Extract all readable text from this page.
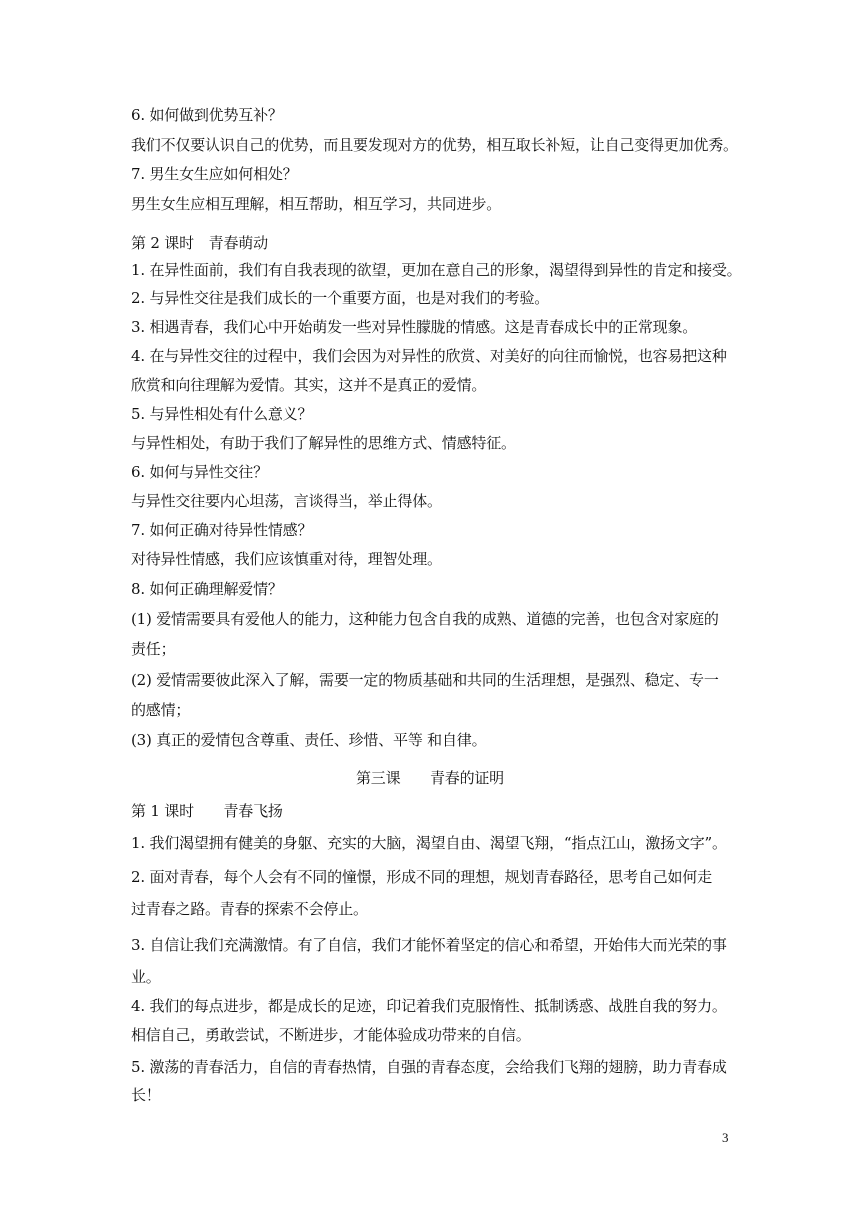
6. 如何做到优势互补？
我们不仅要认识自己的优势，而且要发现对方的优势，相互取长补短，让自己变得更加优秀。
7. 男生女生应如何相处？
男生女生应相互理解，相互帮助，相互学习，共同进步。
第 2 课时　青春萌动
1. 在异性面前，我们有自我表现的欲望，更加在意自己的形象，渴望得到异性的肯定和接受。
2. 与异性交往是我们成长的一个重要方面，也是对我们的考验。
3. 相遇青春，我们心中开始萌发一些对异性朦胧的情感。这是青春成长中的正常现象。
4. 在与异性交往的过程中，我们会因为对异性的欣赏、对美好的向往而愉悦，也容易把这种
欣赏和向往理解为爱情。其实，这并不是真正的爱情。
5. 与异性相处有什么意义？
与异性相处，有助于我们了解异性的思维方式、情感特征。
6. 如何与异性交往？
与异性交往要内心坦荡，言谈得当，举止得体。
7. 如何正确对待异性情感？
对待异性情感，我们应该慎重对待，理智处理。
8. 如何正确理解爱情？
(1) 爱情需要具有爱他人的能力，这种能力包含自我的成熟、道德的完善，也包含对家庭的
责任；
(2) 爱情需要彼此深入了解，需要一定的物质基础和共同的生活理想，是强烈、稳定、专一
的感情；
(3) 真正的爱情包含尊重、责任、珍惜、平等 和自律。
第三课　　青春的证明
第 1 课时　　青春飞扬
1. 我们渴望拥有健美的身躯、充实的大脑，渴望自由、渴望飞翔，“指点江山，激扬文字”。
2. 面对青春，每个人会有不同的憧憬，形成不同的理想，规划青春路径，思考自己如何走
过青春之路。青春的探索不会停止。
3. 自信让我们充满激情。有了自信，我们才能怀着坚定的信心和希望，开始伟大而光荣的事
业。
4. 我们的每点进步，都是成长的足迹，印记着我们克服惰性、抵制诱惑、战胜自我的努力。
相信自己，勇敢尝试，不断进步，才能体验成功带来的自信。
5. 激荡的青春活力，自信的青春热情，自强的青春态度，会给我们飞翔的翅膀，助力青春成
长！
3
